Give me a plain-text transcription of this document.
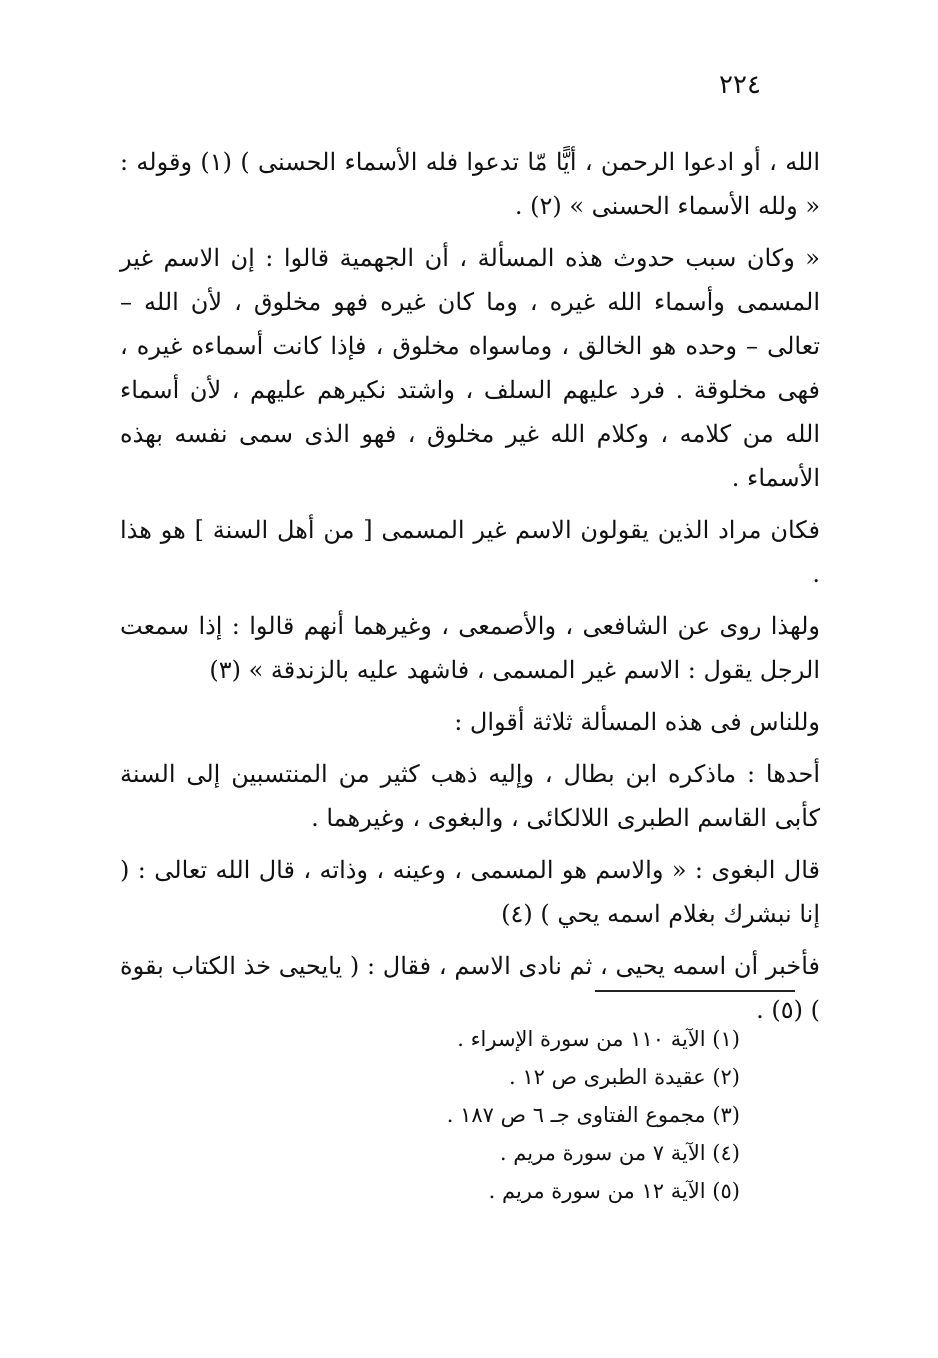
٢٢٤

الله ، أو ادعوا الرحمن ، أيًّا مّا تدعوا فله الأسماء الحسنى ) (١) وقوله : « ولله الأسماء الحسنى » (٢) .

« وكان سبب حدوث هذه المسألة ، أن الجهمية قالوا : إن الاسم غير المسمى وأسماء الله غيره ، وما كان غيره فهو مخلوق ، لأن الله – تعالى – وحده هو الخالق ، وماسواه مخلوق ، فإذا كانت أسماءه غيره ، فهى مخلوقة . فرد عليهم السلف ، واشتد نكيرهم عليهم ، لأن أسماء الله من كلامه ، وكلام الله غير مخلوق ، فهو الذى سمى نفسه بهذه الأسماء .

فكان مراد الذين يقولون الاسم غير المسمى [ من أهل السنة ] هو هذا .

ولهذا روى عن الشافعى ، والأصمعى ، وغيرهما أنهم قالوا : إذا سمعت الرجل يقول : الاسم غير المسمى ، فاشهد عليه بالزندقة » (٣)

وللناس فى هذه المسألة ثلاثة أقوال :

أحدها : ماذكره ابن بطال ، وإليه ذهب كثير من المنتسبين إلى السنة كأبى القاسم الطبرى اللالكائى ، والبغوى ، وغيرهما .

قال البغوى : « والاسم هو المسمى ، وعينه ، وذاته ، قال الله تعالى : ( إنا نبشرك بغلام اسمه يحي ) (٤)

فأخبر أن اسمه يحيى ، ثم نادى الاسم ، فقال : ( يايحيى خذ الكتاب بقوة ) (٥) .

(١) الآية ١١٠ من سورة الإسراء .
(٢) عقيدة الطبرى ص ١٢ .
(٣) مجموع الفتاوى جـ ٦ ص ١٨٧ .
(٤) الآية ٧ من سورة مريم .
(٥) الآية ١٢ من سورة مريم .
